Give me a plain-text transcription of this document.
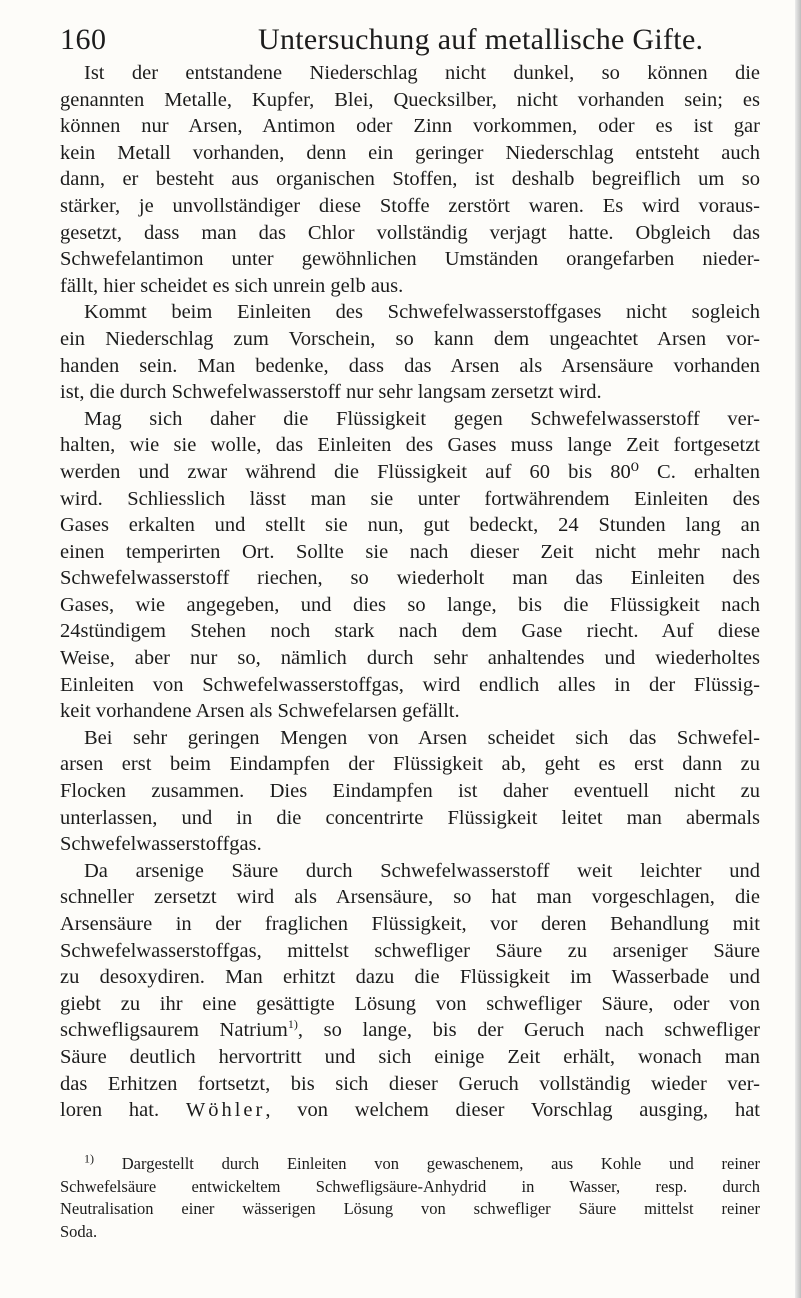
160	Untersuchung auf metallische Gifte.
Ist der entstandene Niederschlag nicht dunkel, so können die
genannten Metalle, Kupfer, Blei, Quecksilber, nicht vorhanden sein; es
können nur Arsen, Antimon oder Zinn vorkommen, oder es ist gar
kein Metall vorhanden, denn ein geringer Niederschlag entsteht auch
dann, er besteht aus organischen Stoffen, ist deshalb begreiflich um so
stärker, je unvollständiger diese Stoffe zerstört waren. Es wird voraus-
gesetzt, dass man das Chlor vollständig verjagt hatte. Obgleich das
Schwefelantimon unter gewöhnlichen Umständen orangefarben nieder-
fällt, hier scheidet es sich unrein gelb aus.
Kommt beim Einleiten des Schwefelwasserstoffgases nicht sogleich
ein Niederschlag zum Vorschein, so kann dem ungeachtet Arsen vor-
handen sein. Man bedenke, dass das Arsen als Arsensäure vorhanden
ist, die durch Schwefelwasserstoff nur sehr langsam zersetzt wird.
Mag sich daher die Flüssigkeit gegen Schwefelwasserstoff ver-
halten, wie sie wolle, das Einleiten des Gases muss lange Zeit fortgesetzt
werden und zwar während die Flüssigkeit auf 60 bis 80⁰ C. erhalten
wird. Schliesslich lässt man sie unter fortwährendem Einleiten des
Gases erkalten und stellt sie nun, gut bedeckt, 24 Stunden lang an
einen temperirten Ort. Sollte sie nach dieser Zeit nicht mehr nach
Schwefelwasserstoff riechen, so wiederholt man das Einleiten des
Gases, wie angegeben, und dies so lange, bis die Flüssigkeit nach
24stündigem Stehen noch stark nach dem Gase riecht. Auf diese
Weise, aber nur so, nämlich durch sehr anhaltendes und wiederholtes
Einleiten von Schwefelwasserstoffgas, wird endlich alles in der Flüssig-
keit vorhandene Arsen als Schwefelarsen gefällt.
Bei sehr geringen Mengen von Arsen scheidet sich das Schwefel-
arsen erst beim Eindampfen der Flüssigkeit ab, geht es erst dann zu
Flocken zusammen. Dies Eindampfen ist daher eventuell nicht zu
unterlassen, und in die concentrirte Flüssigkeit leitet man abermals
Schwefelwasserstoffgas.
Da arsenige Säure durch Schwefelwasserstoff weit leichter und
schneller zersetzt wird als Arsensäure, so hat man vorgeschlagen, die
Arsensäure in der fraglichen Flüssigkeit, vor deren Behandlung mit
Schwefelwasserstoffgas, mittelst schwefliger Säure zu arseniger Säure
zu desoxydiren. Man erhitzt dazu die Flüssigkeit im Wasserbade und
giebt zu ihr eine gesättigte Lösung von schwefliger Säure, oder von
schwefligsaurem Natrium$^{1)}$, so lange, bis der Geruch nach schwefliger
Säure deutlich hervortritt und sich einige Zeit erhält, wonach man
das Erhitzen fortsetzt, bis sich dieser Geruch vollständig wieder ver-
loren hat. Wöhler, von welchem dieser Vorschlag ausging, hat
$^{1)}$ Dargestellt durch Einleiten von gewaschenem, aus Kohle und reiner
Schwefelsäure entwickeltem Schwefligsäure-Anhydrid in Wasser, resp. durch
Neutralisation einer wässerigen Lösung von schwefliger Säure mittelst reiner
Soda.
